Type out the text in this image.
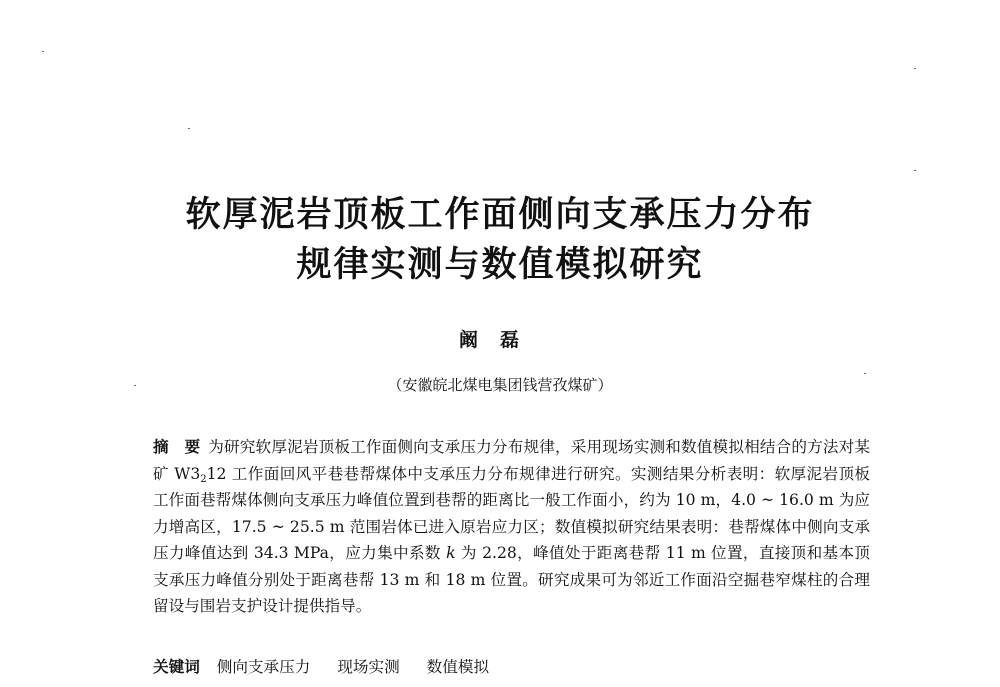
软厚泥岩顶板工作面侧向支承压力分布
规律实测与数值模拟研究
阚磊
（安徽皖北煤电集团钱营孜煤矿）
摘　要 为研究软厚泥岩顶板工作面侧向支承压力分布规律，采用现场实测和数值模拟相结合的方法对某矿 $W3_212$ 工作面回风平巷巷帮煤体中支承压力分布规律进行研究。实测结果分析表明：软厚泥岩顶板工作面巷帮煤体侧向支承压力峰值位置到巷帮的距离比一般工作面小，约为 10 m，4.0 ~ 16.0 m 为应力增高区，17.5 ~ 25.5 m 范围岩体已进入原岩应力区；数值模拟研究结果表明：巷帮煤体中侧向支承压力峰值达到 34.3 MPa，应力集中系数 k 为 2.28，峰值处于距离巷帮 11 m 位置，直接顶和基本顶支承压力峰值分别处于距离巷帮 13 m 和 18 m 位置。研究成果可为邻近工作面沿空掘巷窄煤柱的合理留设与围岩支护设计提供指导。
关键词 侧向支承压力 现场实测 数值模拟
